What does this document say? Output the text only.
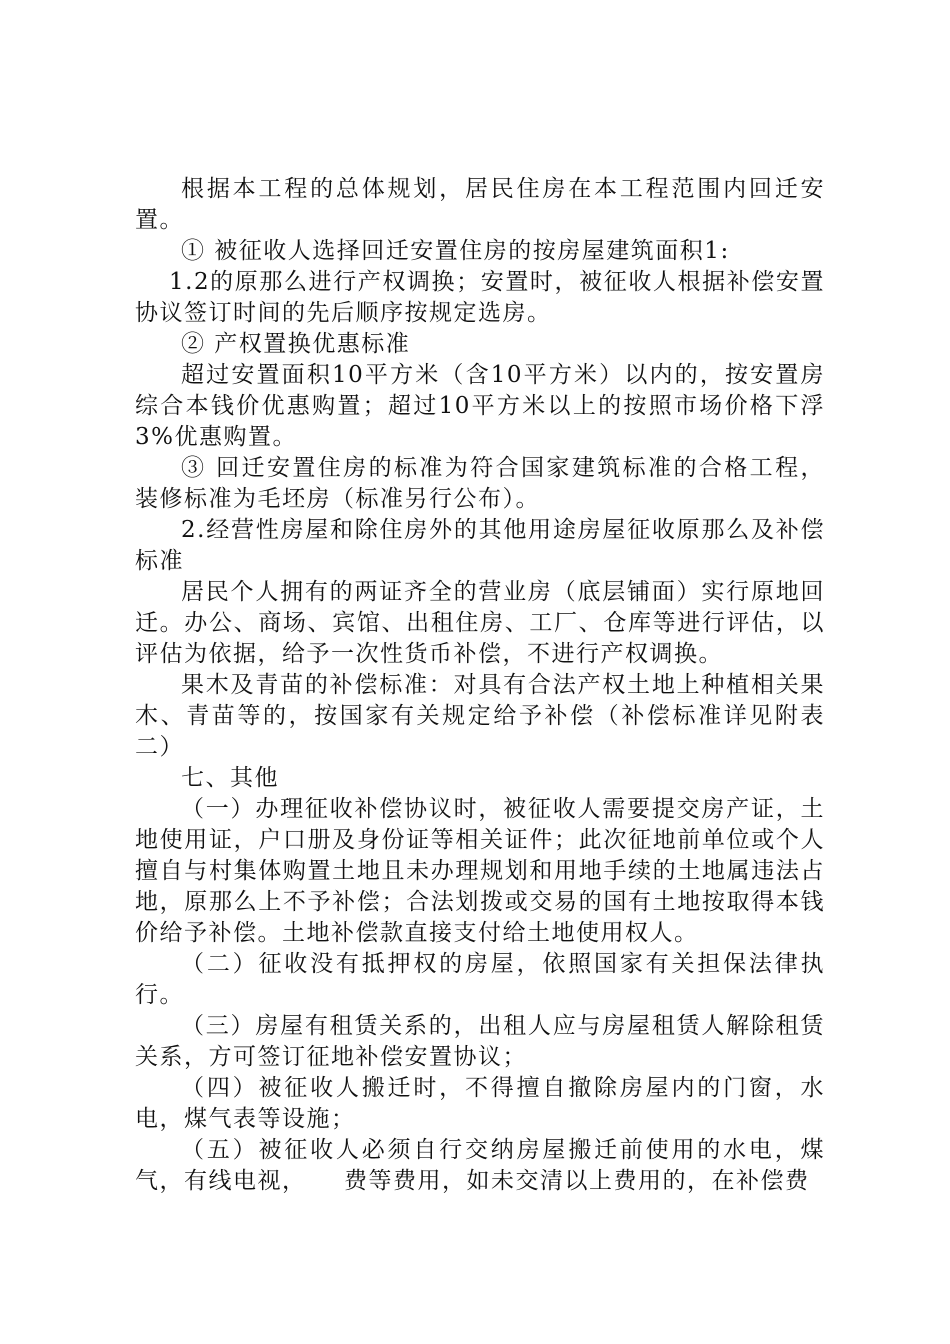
根据本工程的总体规划，居民住房在本工程范围内回迁安置。

① 被征收人选择回迁安置住房的按房屋建筑面积1:

1.2的原那么进行产权调换；安置时，被征收人根据补偿安置协议签订时间的先后顺序按规定选房。

② 产权置换优惠标准

超过安置面积10平方米（含10平方米）以内的，按安置房综合本钱价优惠购置；超过10平方米以上的按照市场价格下浮3%优惠购置。

③ 回迁安置住房的标准为符合国家建筑标准的合格工程，装修标准为毛坯房（标准另行公布）。

2.经营性房屋和除住房外的其他用途房屋征收原那么及补偿标准

居民个人拥有的两证齐全的营业房（底层铺面）实行原地回迁。办公、商场、宾馆、出租住房、工厂、仓库等进行评估，以评估为依据，给予一次性货币补偿，不进行产权调换。

果木及青苗的补偿标准：对具有合法产权土地上种植相关果木、青苗等的，按国家有关规定给予补偿（补偿标准详见附表二）

七、其他

（一）办理征收补偿协议时，被征收人需要提交房产证，土地使用证，户口册及身份证等相关证件；此次征地前单位或个人擅自与村集体购置土地且未办理规划和用地手续的土地属违法占地，原那么上不予补偿；合法划拨或交易的国有土地按取得本钱价给予补偿。土地补偿款直接支付给土地使用权人。

（二）征收没有抵押权的房屋，依照国家有关担保法律执行。

（三）房屋有租赁关系的，出租人应与房屋租赁人解除租赁关系，方可签订征地补偿安置协议；

（四）被征收人搬迁时，不得擅自撤除房屋内的门窗，水电，煤气表等设施；

（五）被征收人必须自行交纳房屋搬迁前使用的水电，煤气，有线电视，　　费等费用，如未交清以上费用的，在补偿费
